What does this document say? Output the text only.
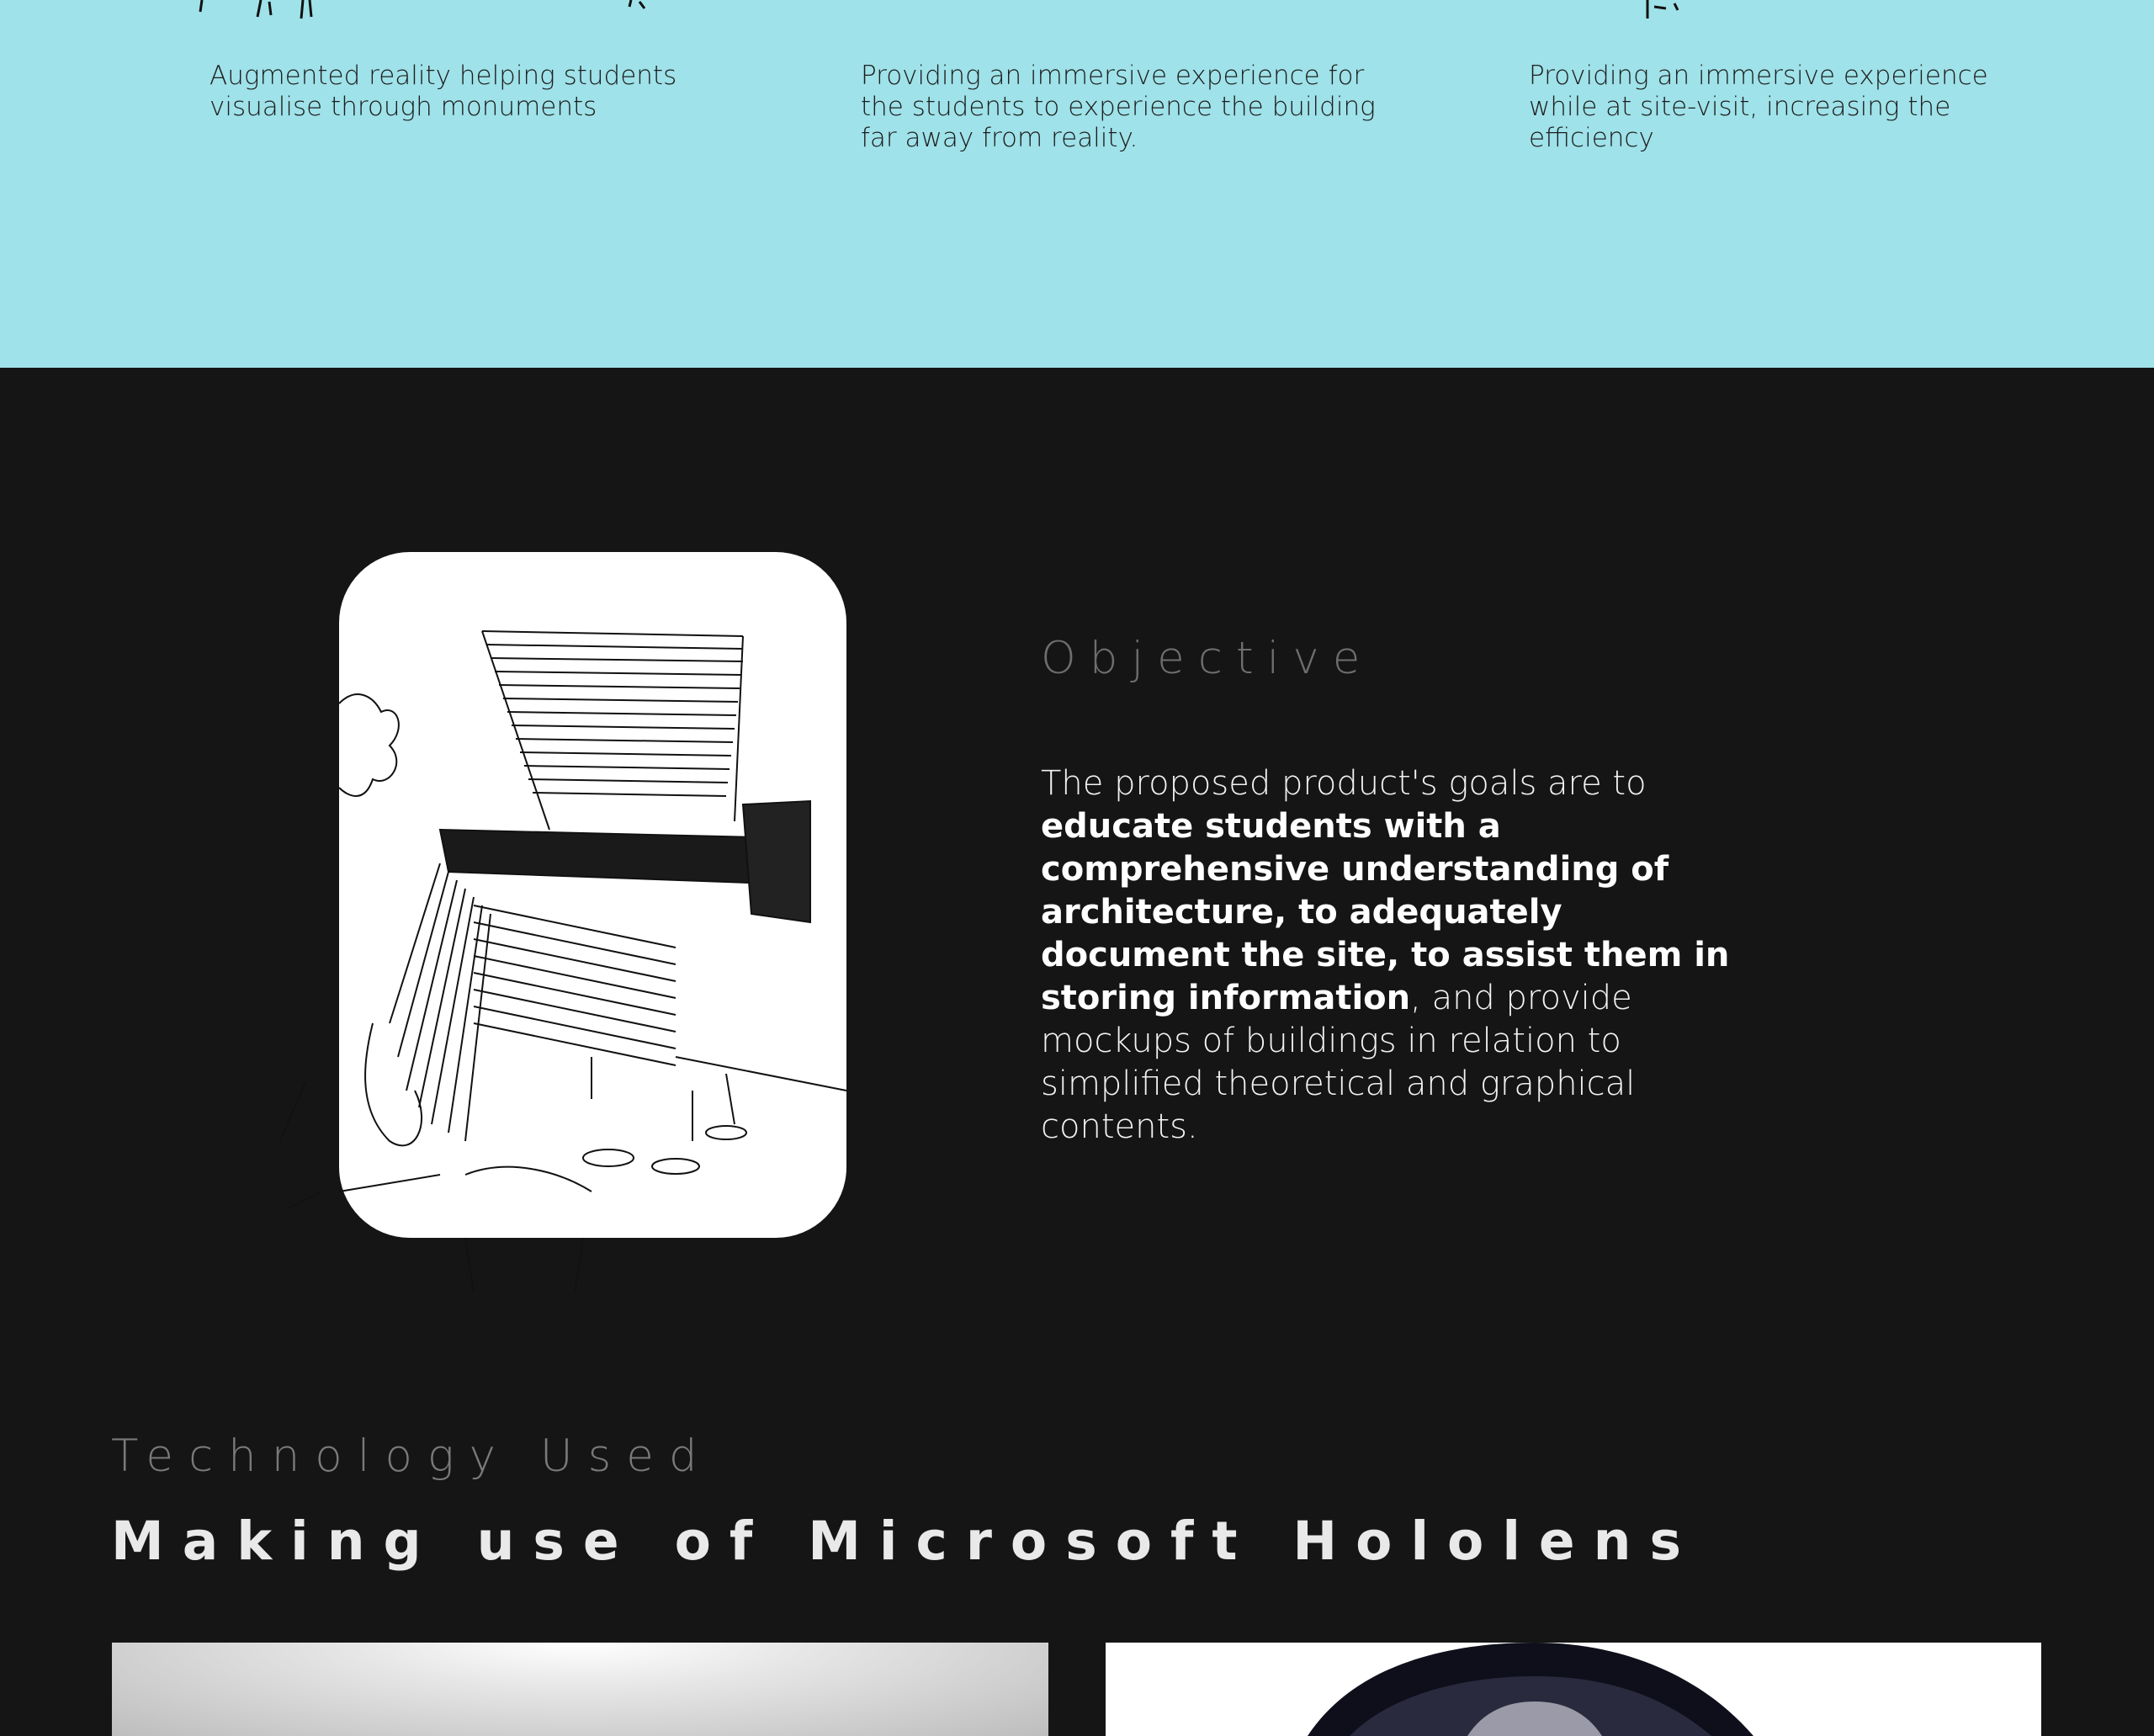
Augmented reality helping students
visualise through monuments
Providing an immersive experience for
the students to experience the building
far away from reality.
Providing an immersive experience
while at site-visit, increasing the
efficiency
Objective
The proposed product's goals are to educate students with a comprehensive understanding of architecture, to adequately document the site, to assist them in storing information, and provide mockups of buildings in relation to simplified theoretical and graphical contents.
Technology Used
Making use of Microsoft Hololens
